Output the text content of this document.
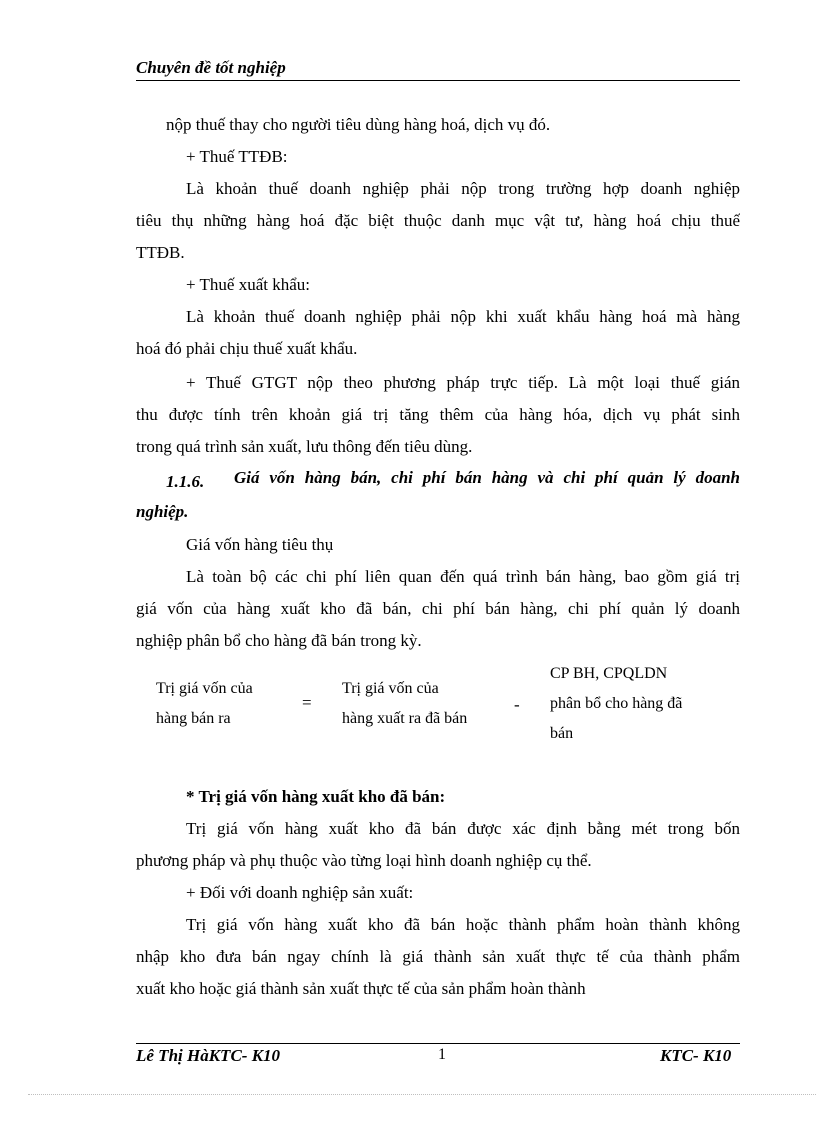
Chuyên đề tốt nghiệp
nộp thuế thay cho người tiêu dùng hàng hoá, dịch vụ đó.
+ Thuế TTĐB:
Là khoản thuế doanh nghiệp phải nộp trong trường hợp doanh nghiệp
tiêu thụ những hàng hoá đặc biệt thuộc danh mục vật tư, hàng hoá chịu thuế
TTĐB.
+ Thuế xuất khẩu:
Là khoản thuế doanh nghiệp phải nộp khi xuất khẩu hàng hoá mà hàng
hoá đó phải chịu thuế xuất khẩu.
+ Thuế GTGT nộp theo phương pháp trực tiếp. Là một loại thuế gián
thu được tính trên khoản giá trị tăng thêm của hàng hóa, dịch vụ phát sinh
trong quá trình sản xuất, lưu thông đến tiêu dùng.
1.1.6. Giá vốn hàng bán, chi phí bán hàng và chi phí quản lý doanh
nghiệp.
Giá vốn hàng tiêu thụ
Là toàn bộ các chi phí liên quan đến quá trình bán hàng, bao gồm giá trị
giá vốn của hàng xuất kho đã bán, chi phí bán hàng, chi phí quản lý doanh
nghiệp phân bổ cho hàng đã bán trong kỳ.
Trị giá vốn của
hàng bán ra
=
Trị giá vốn của
hàng xuất ra đã bán
-
CP BH, CPQLDN
phân bổ cho hàng đã
bán
* Trị giá vốn hàng xuất kho đã bán:
Trị giá vốn hàng xuất kho đã bán được xác định bằng mét trong bốn
phương pháp và phụ thuộc vào từng loại hình doanh nghiệp cụ thể.
+ Đối với doanh nghiệp sản xuất:
Trị giá vốn hàng xuất kho đã bán hoặc thành phẩm hoàn thành không
nhập kho đưa bán ngay chính là giá thành sản xuất thực tế của thành phẩm
xuất kho hoặc giá thành sản xuất thực tế của sản phẩm hoàn thành
Lê Thị HàKTC- K10	1	KTC- K10
